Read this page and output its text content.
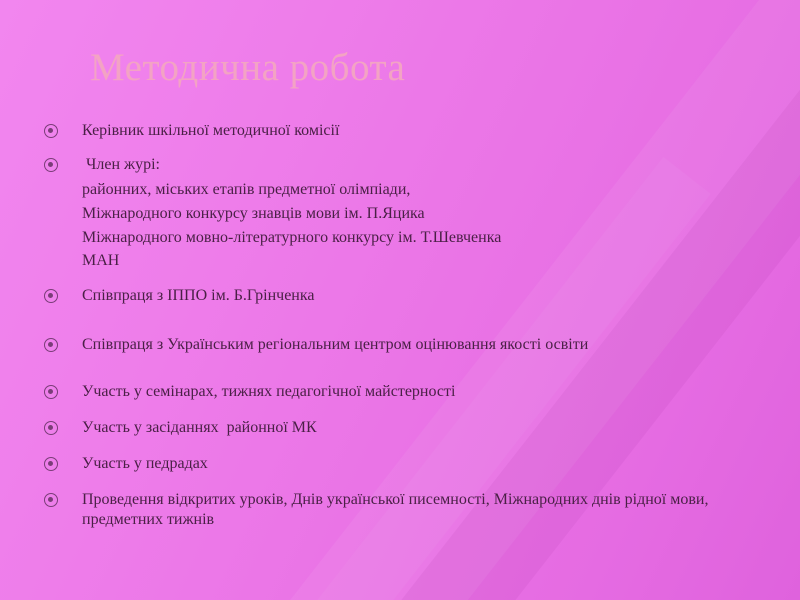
Методична робота
Керівник шкільної методичної комісії
Член журі:
районних, міських етапів предметної олімпіади,
Міжнародного конкурсу знавців мови ім. П.Яцика
Міжнародного мовно-літературного конкурсу ім. Т.Шевченка
МАН
Співпраця з ІППО ім. Б.Грінченка
Співпраця з Українським регіональним центром оцінювання якості освіти
Участь у семінарах, тижнях педагогічної майстерності
Участь у засіданнях  районної МК
Участь у педрадах
Проведення відкритих уроків, Днів української писемності, Міжнародних днів рідної мови, предметних тижнів
